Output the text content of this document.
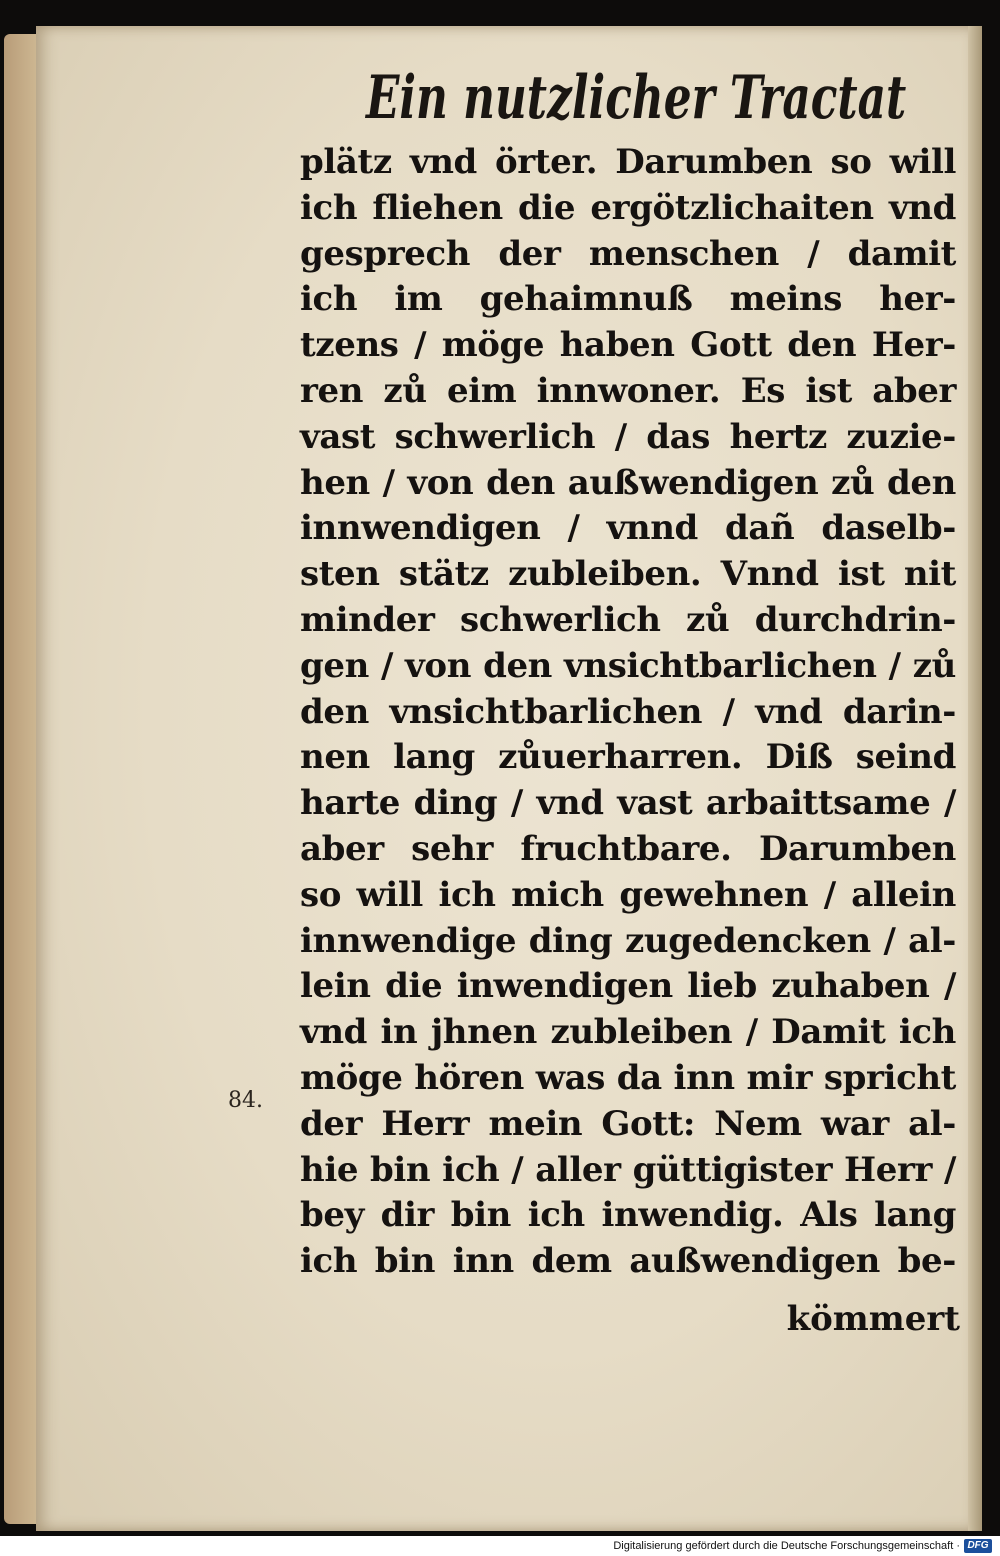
Ein nutzlicher Tractat
plätz vnd örter. Darumben so will
ich fliehen die ergötzlichaiten vnd
gesprech der menschen / damit
ich im gehaimnuß meins her-
tzens / möge haben Gott den Her-
ren zů eim innwoner. Es ist aber
vast schwerlich / das hertz zuzie-
hen / von den außwendigen zů den
innwendigen / vnnd dañ daselb-
sten stätz zubleiben. Vnnd ist nit
minder schwerlich zů durchdrin-
gen / von den vnsichtbarlichen / zů
den vnsichtbarlichen / vnd darin-
nen lang zůuerharren. Diß seind
harte ding / vnd vast arbaittsame /
aber sehr fruchtbare. Darumben
so will ich mich gewehnen / allein
innwendige ding zugedencken / al-
lein die inwendigen lieb zuhaben /
vnd in jhnen zubleiben / Damit ich
möge hören was da inn mir spricht
der Herr mein Gott: Nem war al-
hie bin ich / aller güttigister Herr /
bey dir bin ich inwendig. Als lang
ich bin inn dem außwendigen be-
kömmert
84.
Digitalisierung gefördert durch die Deutsche Forschungsgemeinschaft · DFG
